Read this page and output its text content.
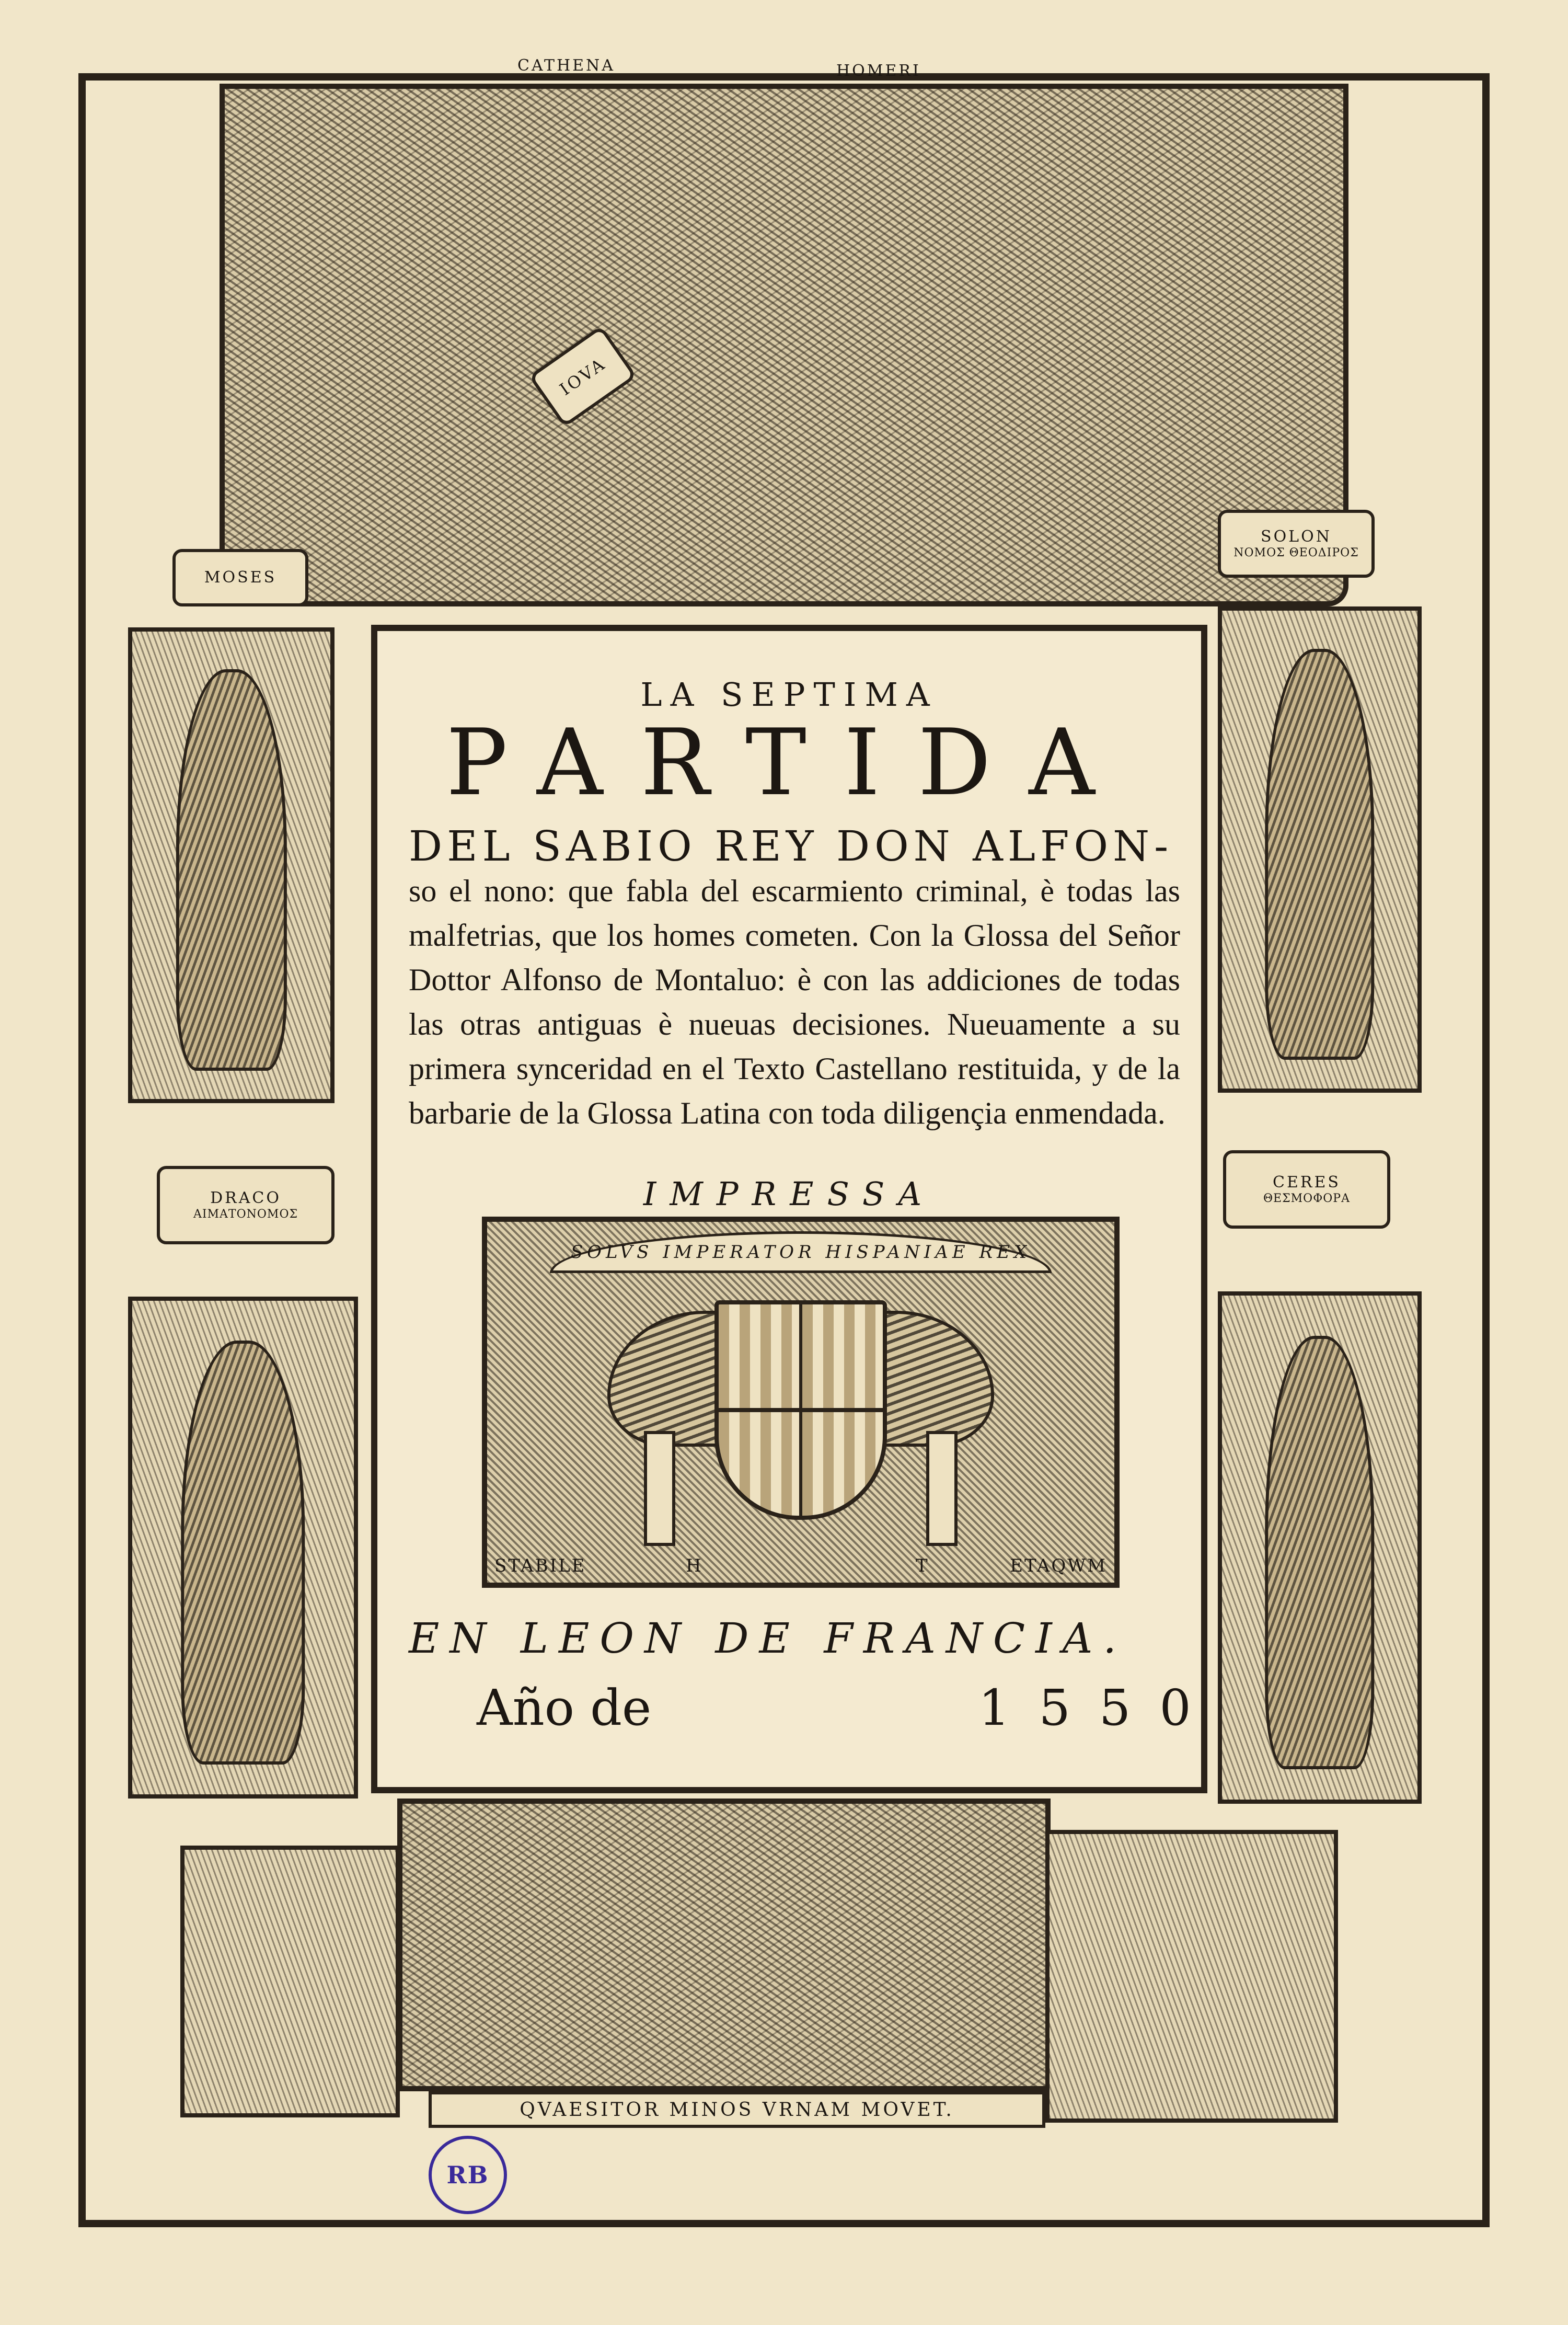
CATHENA	HOMERI
IOVA
MOSES
DRACO
ΑΙΜΑΤΟΝΟΜΟΣ
SOLON
ΝΟΜΟΣ ΘΕΟΔΙΡΟΣ
CERES
ΘΕΣΜΟΦΟΡΑ
LA SEPTIMA
PARTIDA
DEL SABIO REY DON ALFON-
so el nono: que fabla del escarmiento criminal, è todas las malfetrias, que los homes cometen. Con la Glossa del Señor Dottor Alfonso de Montaluo: è con las addiciones de todas las otras antiguas è nueuas decisiones. Nueuamente a su primera synceridad en el Texto Castellano restituida, y de la barbarie de la Glossa Latina con toda diligençia enmendada.
IMPRESSA
SOLVS IMPERATOR HISPANIAE REX
STABILE	H	T	ETAQWM
EN LEON DE FRANCIA.
Año de	1550
QVAESITOR MINOS VRNAM MOVET.
RB
